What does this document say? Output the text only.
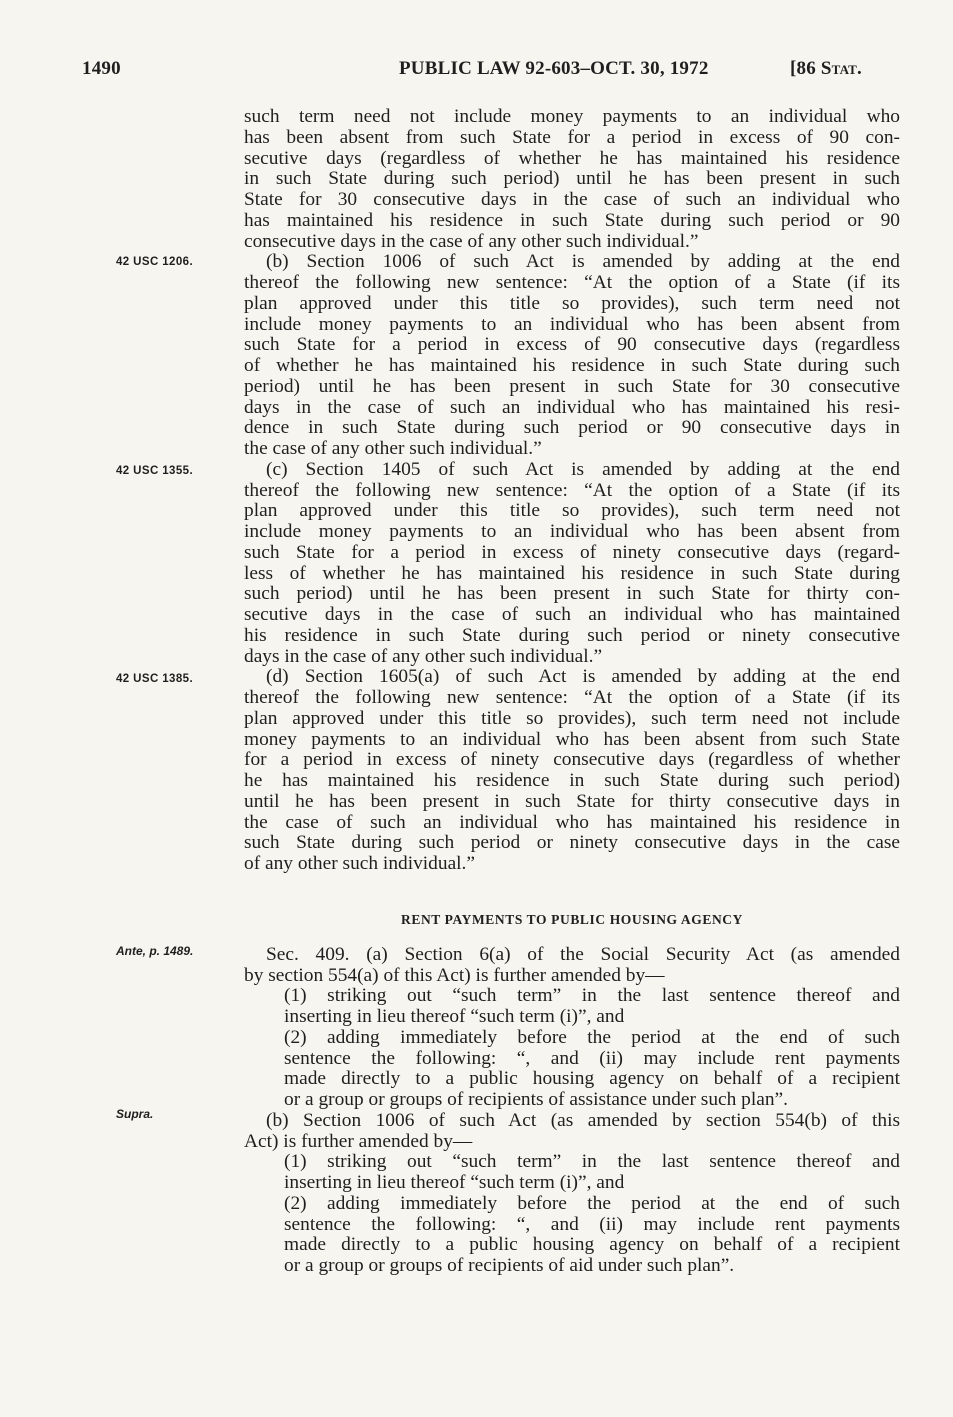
1490	PUBLIC LAW 92-603–OCT. 30, 1972	[86 Stat.
42 USC 1206.
42 USC 1355.
42 USC 1385.
Ante, p. 1489.
Supra.
such term need not include money payments to an individual who
has been absent from such State for a period in excess of 90 con-
secutive days (regardless of whether he has maintained his residence
in such State during such period) until he has been present in such
State for 30 consecutive days in the case of such an individual who
has maintained his residence in such State during such period or 90
consecutive days in the case of any other such individual.”
(b) Section 1006 of such Act is amended by adding at the end
thereof the following new sentence: “At the option of a State (if its
plan approved under this title so provides), such term need not
include money payments to an individual who has been absent from
such State for a period in excess of 90 consecutive days (regardless
of whether he has maintained his residence in such State during such
period) until he has been present in such State for 30 consecutive
days in the case of such an individual who has maintained his resi-
dence in such State during such period or 90 consecutive days in
the case of any other such individual.”
(c) Section 1405 of such Act is amended by adding at the end
thereof the following new sentence: “At the option of a State (if its
plan approved under this title so provides), such term need not
include money payments to an individual who has been absent from
such State for a period in excess of ninety consecutive days (regard-
less of whether he has maintained his residence in such State during
such period) until he has been present in such State for thirty con-
secutive days in the case of such an individual who has maintained
his residence in such State during such period or ninety consecutive
days in the case of any other such individual.”
(d) Section 1605(a) of such Act is amended by adding at the end
thereof the following new sentence: “At the option of a State (if its
plan approved under this title so provides), such term need not include
money payments to an individual who has been absent from such State
for a period in excess of ninety consecutive days (regardless of whether
he has maintained his residence in such State during such period)
until he has been present in such State for thirty consecutive days in
the case of such an individual who has maintained his residence in
such State during such period or ninety consecutive days in the case
of any other such individual.”
RENT PAYMENTS TO PUBLIC HOUSING AGENCY
Sec. 409. (a) Section 6(a) of the Social Security Act (as amended
by section 554(a) of this Act) is further amended by—
(1) striking out “such term” in the last sentence thereof and
inserting in lieu thereof “such term (i)”, and
(2) adding immediately before the period at the end of such
sentence the following: “, and (ii) may include rent payments
made directly to a public housing agency on behalf of a recipient
or a group or groups of recipients of assistance under such plan”.
(b) Section 1006 of such Act (as amended by section 554(b) of this
Act) is further amended by—
(1) striking out “such term” in the last sentence thereof and
inserting in lieu thereof “such term (i)”, and
(2) adding immediately before the period at the end of such
sentence the following: “, and (ii) may include rent payments
made directly to a public housing agency on behalf of a recipient
or a group or groups of recipients of aid under such plan”.
